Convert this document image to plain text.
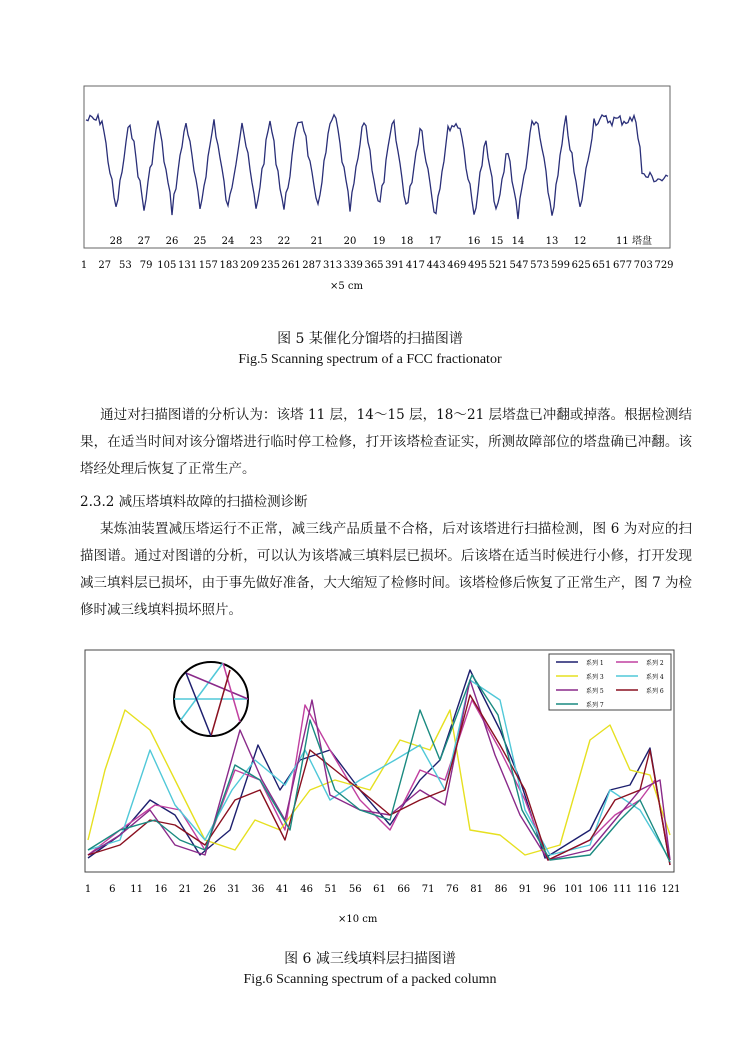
28 27 26 25 24 23 22 21 20 19 18 17	16 15 14 13 12	11 塔盘
1 27 53 79 105 131 157 183 209 235 261 287 313 339 365 391 417 443 469 495 521 547 573 599 625 651 677 703 729
×5 cm
图 5 某催化分馏塔的扫描图谱
Fig.5 Scanning spectrum of a FCC fractionator
通过对扫描图谱的分析认为：该塔 11 层，14～15 层，18～21 层塔盘已冲翻或掉落。根据检测结果，在适当时间对该分馏塔进行临时停工检修，打开该塔检查证实，所测故障部位的塔盘确已冲翻。该塔经处理后恢复了正常生产。
2.3.2 减压塔填料故障的扫描检测诊断
某炼油装置减压塔运行不正常，减三线产品质量不合格，后对该塔进行扫描检测，图 6 为对应的扫描图谱。通过对图谱的分析，可以认为该塔减三填料层已损坏。后该塔在适当时候进行小修，打开发现减三填料层已损坏，由于事先做好准备，大大缩短了检修时间。该塔检修后恢复了正常生产，图 7 为检修时减三线填料损坏照片。
系列 1	系列 2
系列 3	系列 4
系列 5	系列 6
系列 7
1 6 11 16 21 26 31 36 41 46 51 56 61 66 71 76 81 86 91 96 101 106 111 116 121
×10 cm
图 6 减三线填料层扫描图谱
Fig.6 Scanning spectrum of a packed column
